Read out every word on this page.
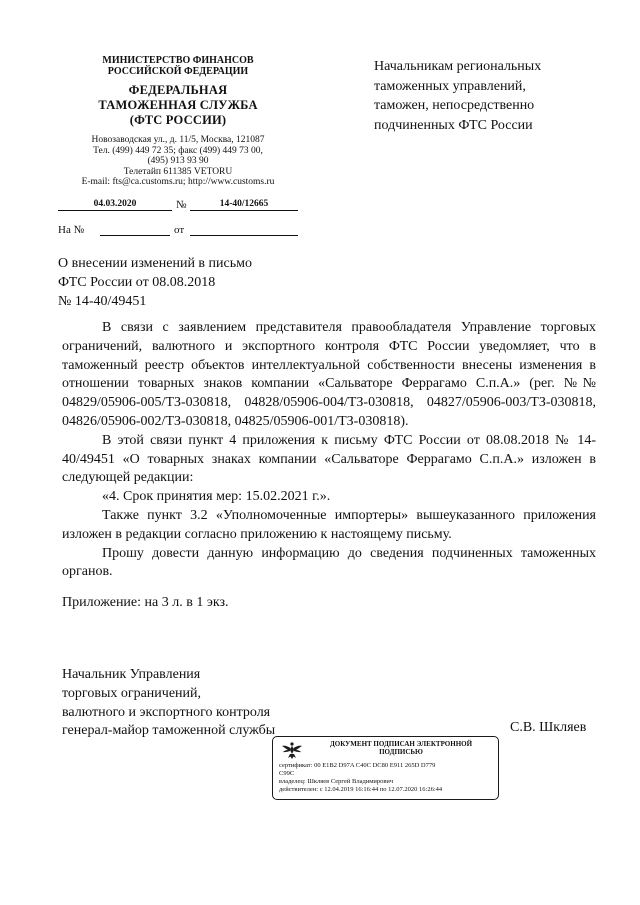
МИНИСТЕРСТВО ФИНАНСОВ
РОССИЙСКОЙ ФЕДЕРАЦИИ
ФЕДЕРАЛЬНАЯ
ТАМОЖЕННАЯ СЛУЖБА
(ФТС РОССИИ)
Новозаводская ул., д. 11/5, Москва, 121087
Тел. (499) 449 72 35; факс (499) 449 73 00,
(495) 913 93 90
Телетайп 611385 VETORU
E-mail: fts@ca.customs.ru; http://www.customs.ru
04.03.2020	№	14-40/12665
На №	от
Начальникам региональных
таможенных управлений,
таможен, непосредственно
подчиненных ФТС России
О внесении изменений в письмо
ФТС России от 08.08.2018
№ 14-40/49451

В связи с заявлением представителя правообладателя Управление торговых ограничений, валютного и экспортного контроля ФТС России уведомляет, что в таможенный реестр объектов интеллектуальной собственности внесены изменения в отношении товарных знаков компании «Сальваторе Феррагамо С.п.А.» (рег. №№ 04829/05906-005/ТЗ-030818, 04828/05906-004/ТЗ-030818, 04827/05906-003/ТЗ-030818, 04826/05906-002/ТЗ-030818, 04825/05906-001/ТЗ-030818).

В этой связи пункт 4 приложения к письму ФТС России от 08.08.2018 № 14-40/49451 «О товарных знаках компании «Сальваторе Феррагамо С.п.А.» изложен в следующей редакции:

«4. Срок принятия мер: 15.02.2021 г.».

Также пункт 3.2 «Уполномоченные импортеры» вышеуказанного приложения изложен в редакции согласно приложению к настоящему письму.

Прошу довести данную информацию до сведения подчиненных таможенных органов.

Приложение: на 3 л. в 1 экз.
Начальник Управления
торговых ограничений,
валютного и экспортного контроля
генерал-майор таможенной службы	С.В. Шкляев
ДОКУМЕНТ ПОДПИСАН ЭЛЕКТРОННОЙ
ПОДПИСЬЮ
сертификат: 00 E1B2 D97A C40C DC80 E911 265D D779
C99C
владелец: Шкляев Сергей Владимирович
действителен: с 12.04.2019 16:16:44 по 12.07.2020 16:26:44
